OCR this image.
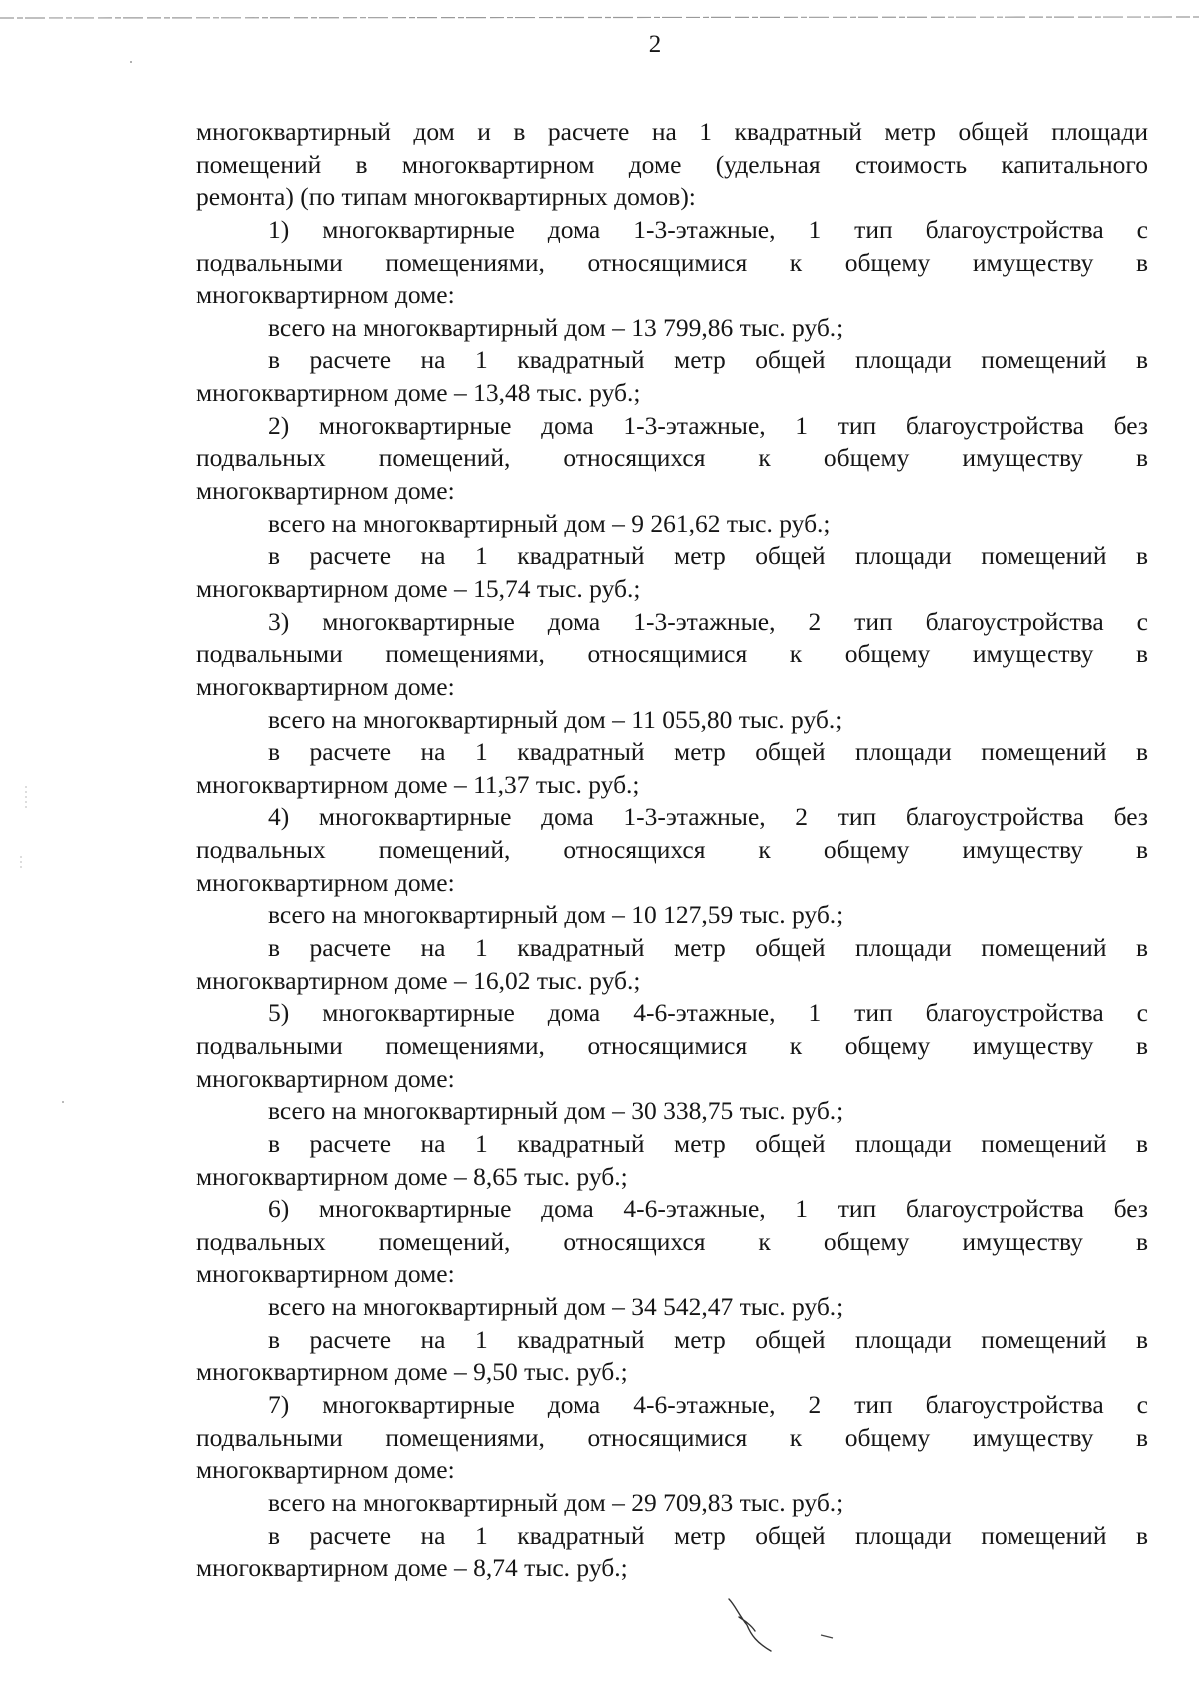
2
многоквартирный дом и в расчете на 1 квадратный метр общей площади
помещений в многоквартирном доме (удельная стоимость капитального
ремонта) (по типам многоквартирных домов):
1) многоквартирные дома 1-3-этажные, 1 тип благоустройства с
подвальными помещениями, относящимися к общему имуществу в
многоквартирном доме:
всего на многоквартирный дом – 13 799,86 тыс. руб.;
в расчете на 1 квадратный метр общей площади помещений в
многоквартирном доме – 13,48 тыс. руб.;
2) многоквартирные дома 1-3-этажные, 1 тип благоустройства без
подвальных помещений, относящихся к общему имуществу в
многоквартирном доме:
всего на многоквартирный дом – 9 261,62 тыс. руб.;
в расчете на 1 квадратный метр общей площади помещений в
многоквартирном доме – 15,74 тыс. руб.;
3) многоквартирные дома 1-3-этажные, 2 тип благоустройства с
подвальными помещениями, относящимися к общему имуществу в
многоквартирном доме:
всего на многоквартирный дом – 11 055,80 тыс. руб.;
в расчете на 1 квадратный метр общей площади помещений в
многоквартирном доме – 11,37 тыс. руб.;
4) многоквартирные дома 1-3-этажные, 2 тип благоустройства без
подвальных помещений, относящихся к общему имуществу в
многоквартирном доме:
всего на многоквартирный дом – 10 127,59 тыс. руб.;
в расчете на 1 квадратный метр общей площади помещений в
многоквартирном доме – 16,02 тыс. руб.;
5) многоквартирные дома 4-6-этажные, 1 тип благоустройства с
подвальными помещениями, относящимися к общему имуществу в
многоквартирном доме:
всего на многоквартирный дом – 30 338,75 тыс. руб.;
в расчете на 1 квадратный метр общей площади помещений в
многоквартирном доме – 8,65 тыс. руб.;
6) многоквартирные дома 4-6-этажные, 1 тип благоустройства без
подвальных помещений, относящихся к общему имуществу в
многоквартирном доме:
всего на многоквартирный дом – 34 542,47 тыс. руб.;
в расчете на 1 квадратный метр общей площади помещений в
многоквартирном доме – 9,50 тыс. руб.;
7) многоквартирные дома 4-6-этажные, 2 тип благоустройства с
подвальными помещениями, относящимися к общему имуществу в
многоквартирном доме:
всего на многоквартирный дом – 29 709,83 тыс. руб.;
в расчете на 1 квадратный метр общей площади помещений в
многоквартирном доме – 8,74 тыс. руб.;
